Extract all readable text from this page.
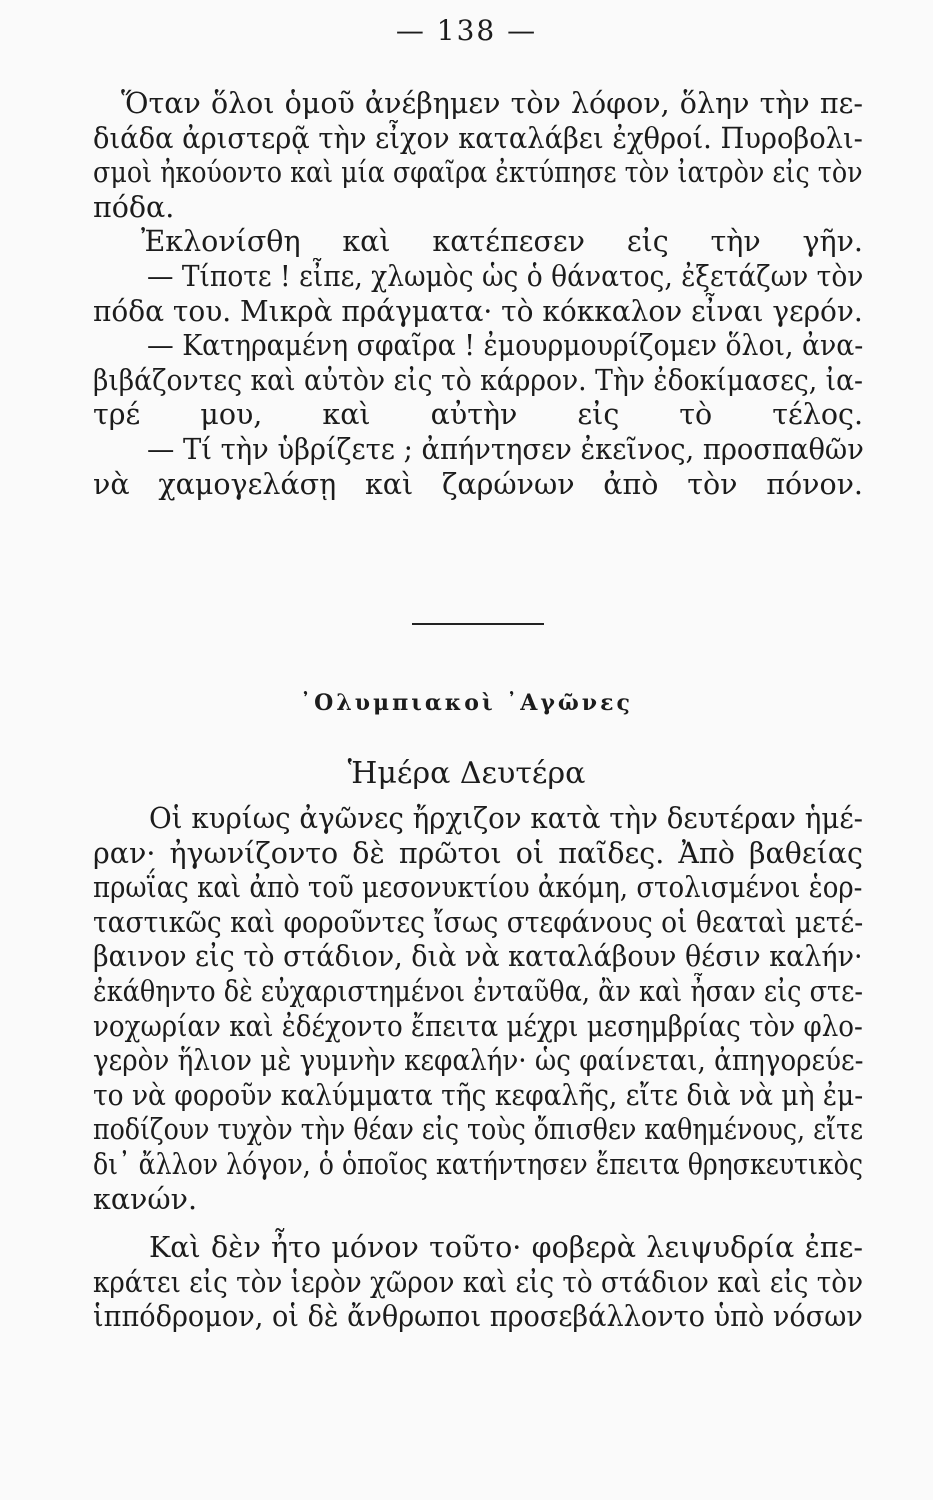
— 138 —

Ὅταν ὅλοι ὁμοῦ ἀνέβημεν τὸν λόφον, ὅλην τὴν πε-
διάδα ἀριστερᾷ τὴν εἶχον καταλάβει ἐχθροί. Πυροβολι-
σμοὶ ἠκούοντο καὶ μία σφαῖρα ἐκτύπησε τὸν ἰατρὸν εἰς τὸν
πόδα.

Ἐκλονίσθη καὶ κατέπεσεν εἰς τὴν γῆν.

— Τίποτε ! εἶπε, χλωμὸς ὡς ὁ θάνατος, ἐξετάζων τὸν
πόδα του. Μικρὰ πράγματα· τὸ κόκκαλον εἶναι γερόν.

— Κατηραμένη σφαῖρα ! ἐμουρμουρίζομεν ὅλοι, ἀνα-
βιβάζοντες καὶ αὐτὸν εἰς τὸ κάρρον. Τὴν ἐδοκίμασες, ἰα-
τρέ μου, καὶ αὐτὴν εἰς τὸ τέλος.

— Τί τὴν ὑβρίζετε ; ἀπήντησεν ἐκεῖνος, προσπαθῶν
νὰ χαμογελάσῃ καὶ ζαρώνων ἀπὸ τὸν πόνον.

᾿Ολυμπιακοὶ ᾿Αγῶνες
Ἡμέρα Δευτέρα

Οἱ κυρίως ἀγῶνες ἤρχιζον κατὰ τὴν δευτέραν ἡμέ-
ραν· ἠγωνίζοντο δὲ πρῶτοι οἱ παῖδες. Ἀπὸ βαθείας
πρωΐας καὶ ἀπὸ τοῦ μεσονυκτίου ἀκόμη, στολισμένοι ἑορ-
ταστικῶς καὶ φοροῦντες ἴσως στεφάνους οἱ θεαταὶ μετέ-
βαινον εἰς τὸ στάδιον, διὰ νὰ καταλάβουν θέσιν καλήν·
ἐκάθηντο δὲ εὐχαριστημένοι ἐνταῦθα, ἂν καὶ ἦσαν εἰς στε-
νοχωρίαν καὶ ἐδέχοντο ἔπειτα μέχρι μεσημβρίας τὸν φλο-
γερὸν ἥλιον μὲ γυμνὴν κεφαλήν· ὡς φαίνεται, ἀπηγορεύε-
το νὰ φοροῦν καλύμματα τῆς κεφαλῆς, εἴτε διὰ νὰ μὴ ἐμ-
ποδίζουν τυχὸν τὴν θέαν εἰς τοὺς ὄπισθεν καθημένους, εἴτε
δι᾽ ἄλλον λόγον, ὁ ὁποῖος κατήντησεν ἔπειτα θρησκευτικὸς
κανών.

Καὶ δὲν ἦτο μόνον τοῦτο· φοβερὰ λειψυδρία ἐπε-
κράτει εἰς τὸν ἱερὸν χῶρον καὶ εἰς τὸ στάδιον καὶ εἰς τὸν
ἱππόδρομον, οἱ δὲ ἄνθρωποι προσεβάλλοντο ὑπὸ νόσων
